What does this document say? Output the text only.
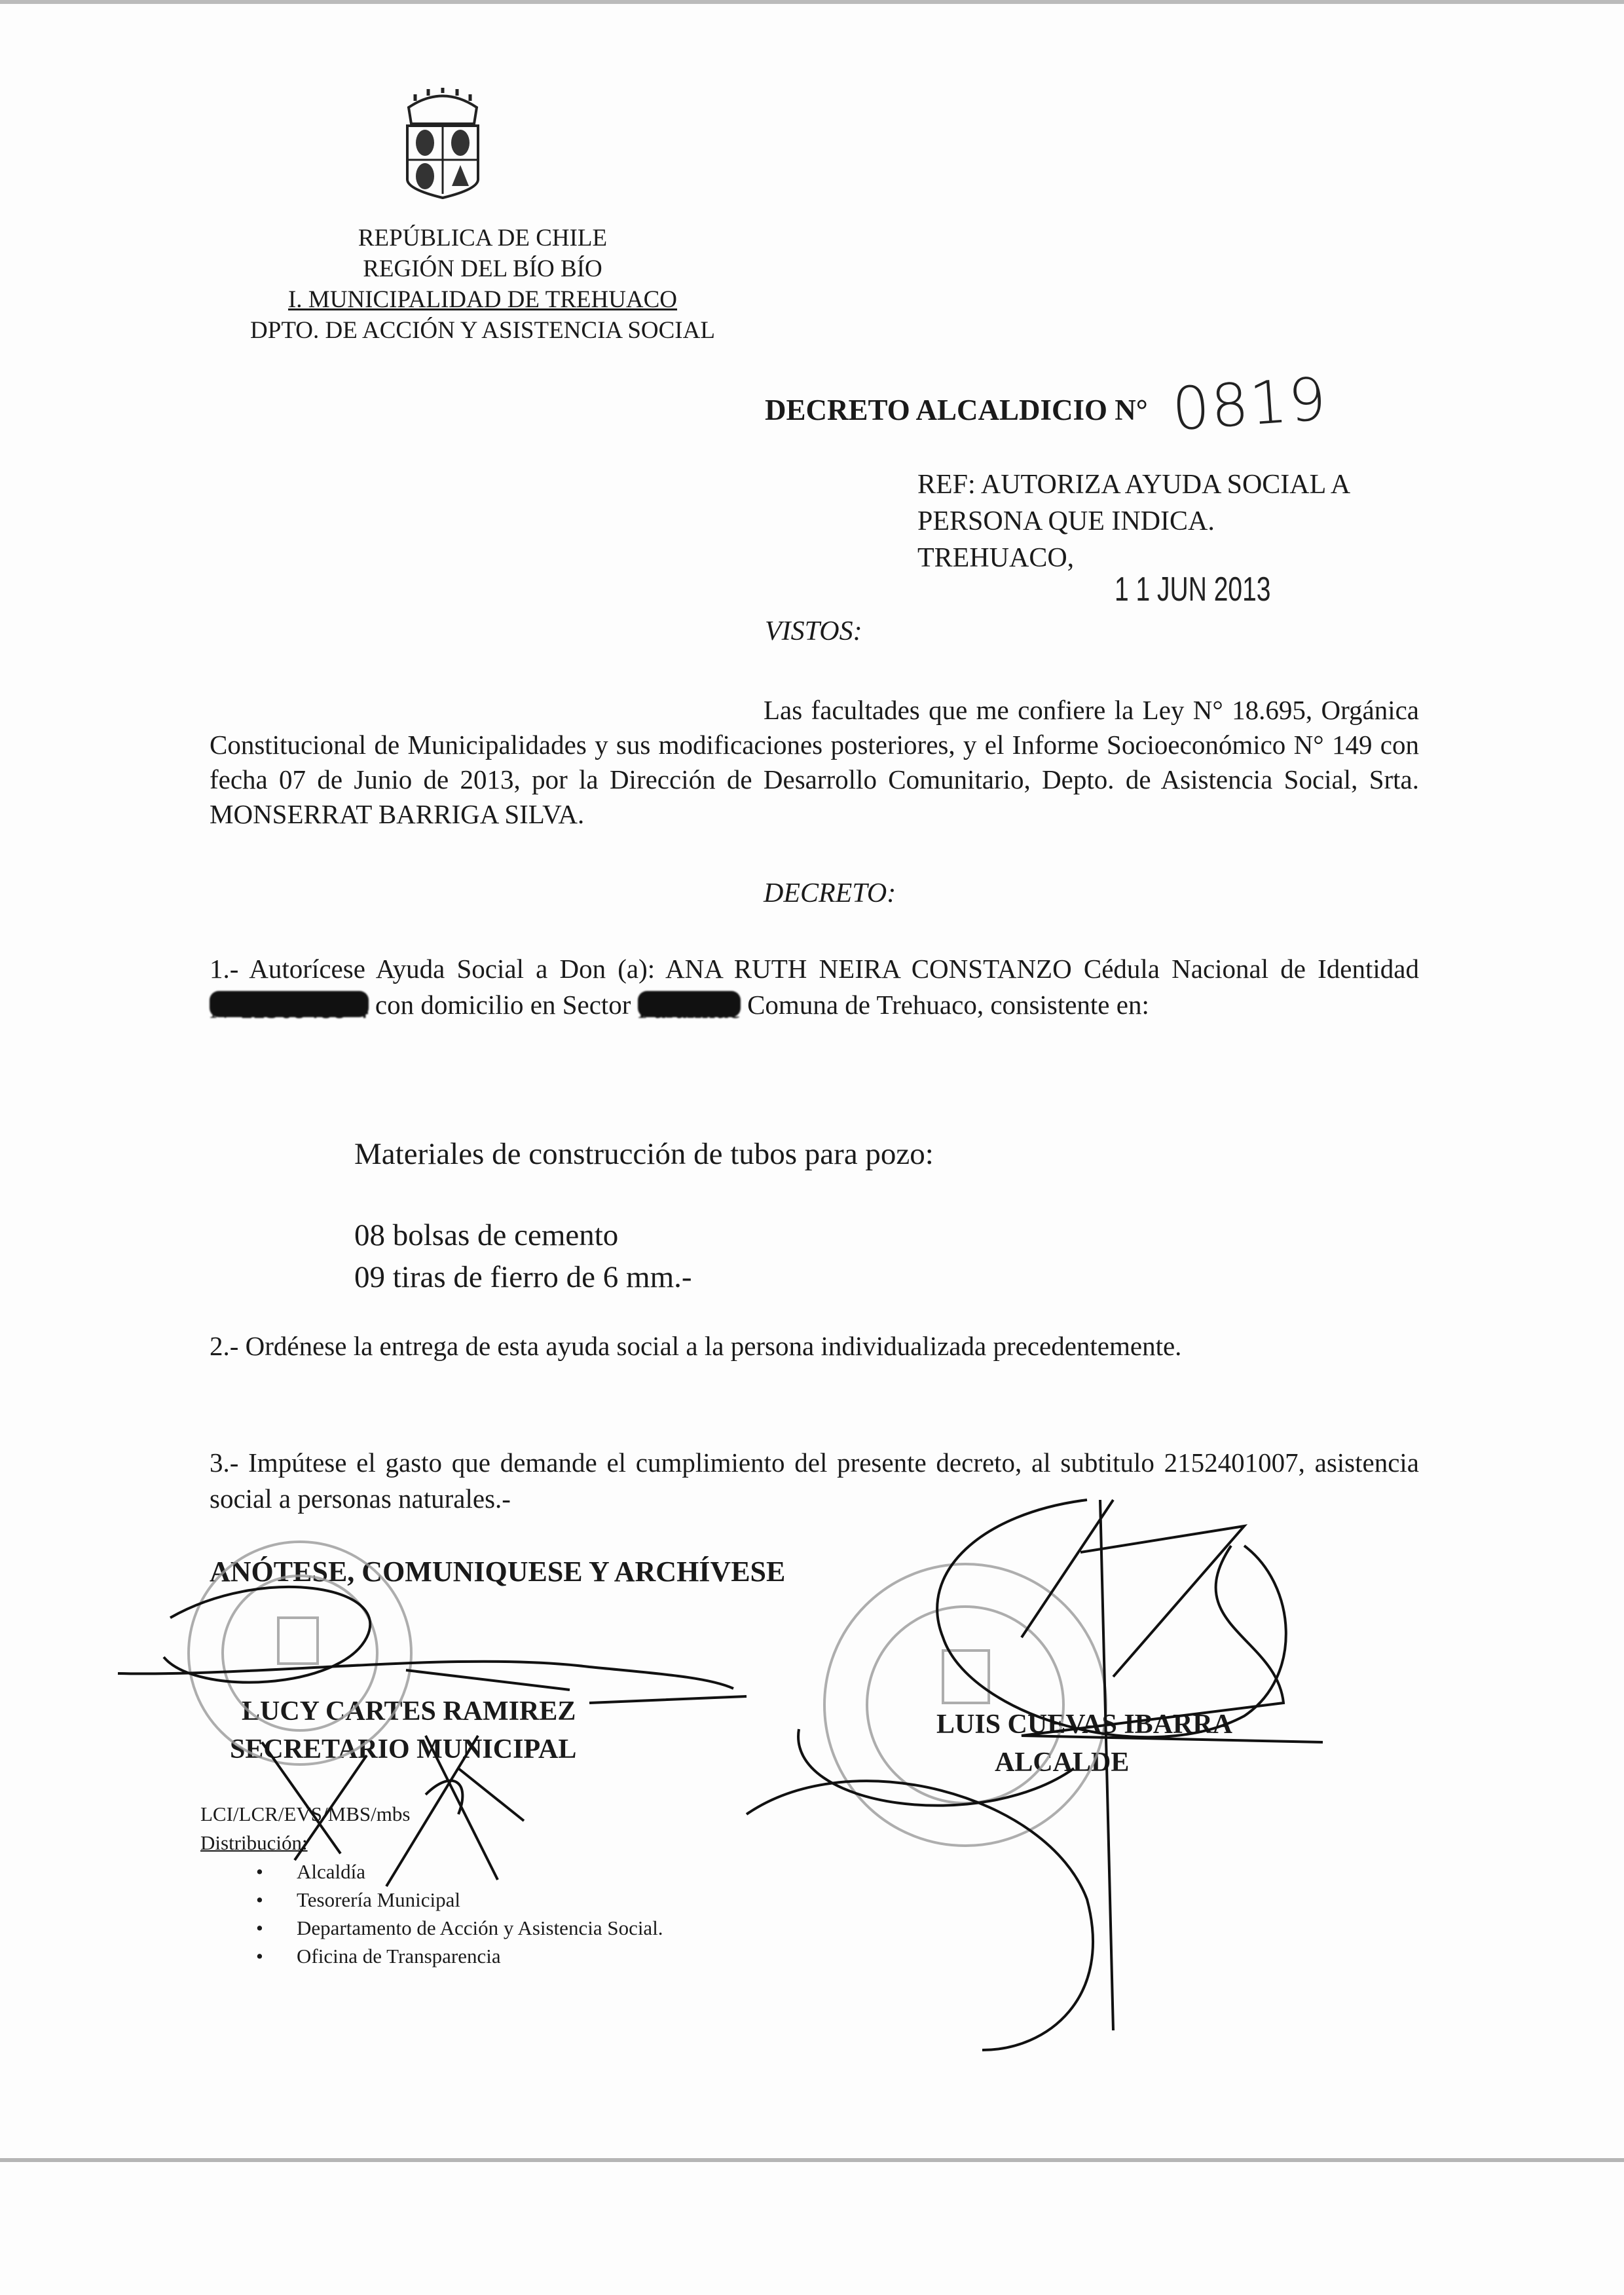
REPÚBLICA DE CHILE
REGIÓN DEL BÍO BÍO
I. MUNICIPALIDAD DE TREHUACO
DPTO. DE ACCIÓN Y ASISTENCIA SOCIAL
DECRETO ALCALDICIO N° 0819
REF: AUTORIZA AYUDA SOCIAL A
PERSONA QUE INDICA.
TREHUACO,
1 1 JUN 2013
VISTOS:
Las facultades que me confiere la Ley N° 18.695, Orgánica Constitucional de Municipalidades y sus modificaciones posteriores, y el Informe Socioeconómico N° 149 con fecha 07 de Junio de 2013, por la Dirección de Desarrollo Comunitario, Depto. de Asistencia Social, Srta. MONSERRAT BARRIGA SILVA.
DECRETO:
1.- Autorícese Ayuda Social a Don (a): ANA RUTH NEIRA CONSTANZO Cédula Nacional de Identidad N°11568488-4 con domicilio en Sector Puralihue Comuna de Trehuaco, consistente en:
Materiales de construcción de tubos para pozo:
08 bolsas de cemento
09 tiras de fierro de 6 mm.-
2.- Ordénese la entrega de esta ayuda social a la persona individualizada precedentemente.
3.- Impútese el gasto que demande el cumplimiento del presente decreto, al subtitulo 2152401007, asistencia social a personas naturales.-
ANÓTESE, COMUNIQUESE Y ARCHÍVESE
LUCY CARTES RAMIREZ
SECRETARIO MUNICIPAL
LUIS CUEVAS IBARRA
ALCALDE
LCI/LCR/EVS/MBS/mbs
Distribución:
• Alcaldía
• Tesorería Municipal
• Departamento de Acción y Asistencia Social.
• Oficina de Transparencia
